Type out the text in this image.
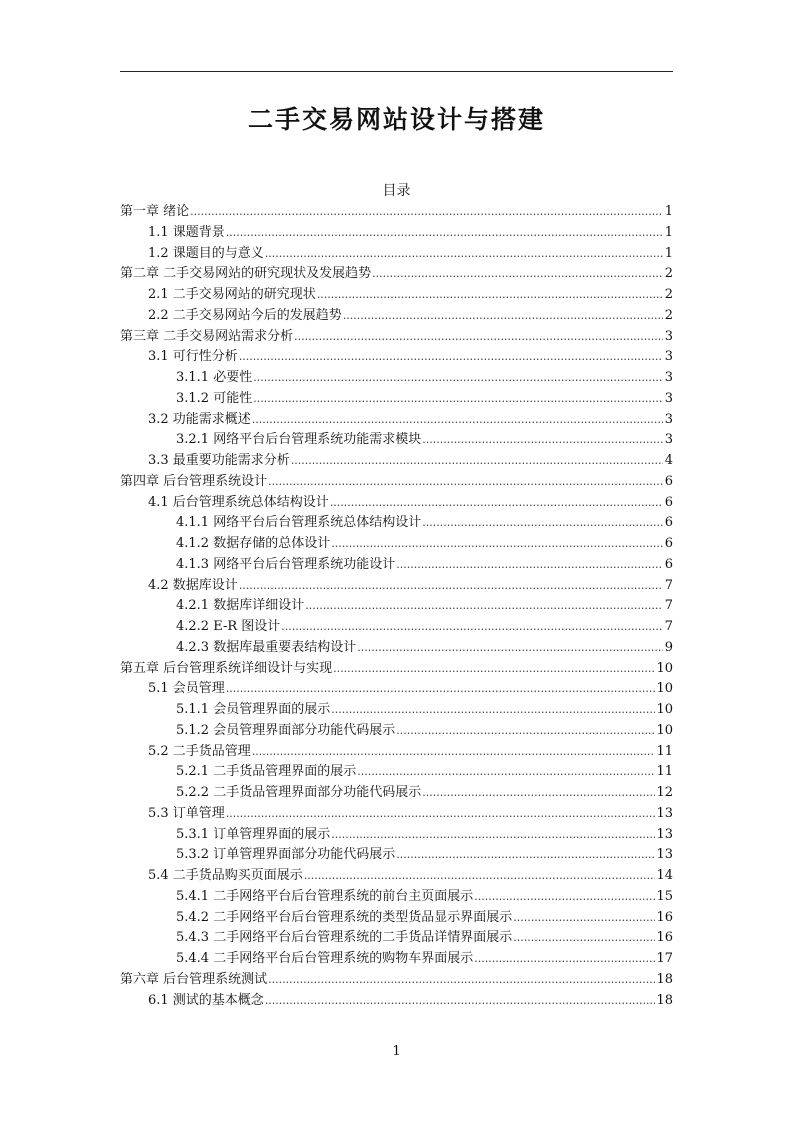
二手交易网站设计与搭建
目录
第一章 绪论 .....	1
1.1 课题背景 .....	1
1.2 课题目的与意义 .....	1
第二章 二手交易网站的研究现状及发展趋势 .....	2
2.1 二手交易网站的研究现状 .....	2
2.2 二手交易网站今后的发展趋势 .....	2
第三章 二手交易网站需求分析 .....	3
3.1 可行性分析 .....	3
3.1.1 必要性 .....	3
3.1.2 可能性 .....	3
3.2 功能需求概述 .....	3
3.2.1 网络平台后台管理系统功能需求模块 .....	3
3.3 最重要功能需求分析 .....	4
第四章 后台管理系统设计 .....	6
4.1 后台管理系统总体结构设计 .....	6
4.1.1 网络平台后台管理系统总体结构设计 .....	6
4.1.2 数据存储的总体设计 .....	6
4.1.3 网络平台后台管理系统功能设计 .....	6
4.2 数据库设计 .....	7
4.2.1 数据库详细设计 .....	7
4.2.2 E-R 图设计 .....	7
4.2.3 数据库最重要表结构设计 .....	9
第五章 后台管理系统详细设计与实现 .....	10
5.1 会员管理 .....	10
5.1.1 会员管理界面的展示 .....	10
5.1.2 会员管理界面部分功能代码展示 .....	10
5.2 二手货品管理 .....	11
5.2.1 二手货品管理界面的展示 .....	11
5.2.2 二手货品管理界面部分功能代码展示 .....	12
5.3 订单管理 .....	13
5.3.1 订单管理界面的展示 .....	13
5.3.2 订单管理界面部分功能代码展示 .....	13
5.4 二手货品购买页面展示 .....	14
5.4.1 二手网络平台后台管理系统的前台主页面展示 .....	15
5.4.2 二手网络平台后台管理系统的类型货品显示界面展示 .....	16
5.4.3 二手网络平台后台管理系统的二手货品详情界面展示 .....	16
5.4.4 二手网络平台后台管理系统的购物车界面展示 .....	17
第六章 后台管理系统测试 .....	18
6.1 测试的基本概念 .....	18
1
